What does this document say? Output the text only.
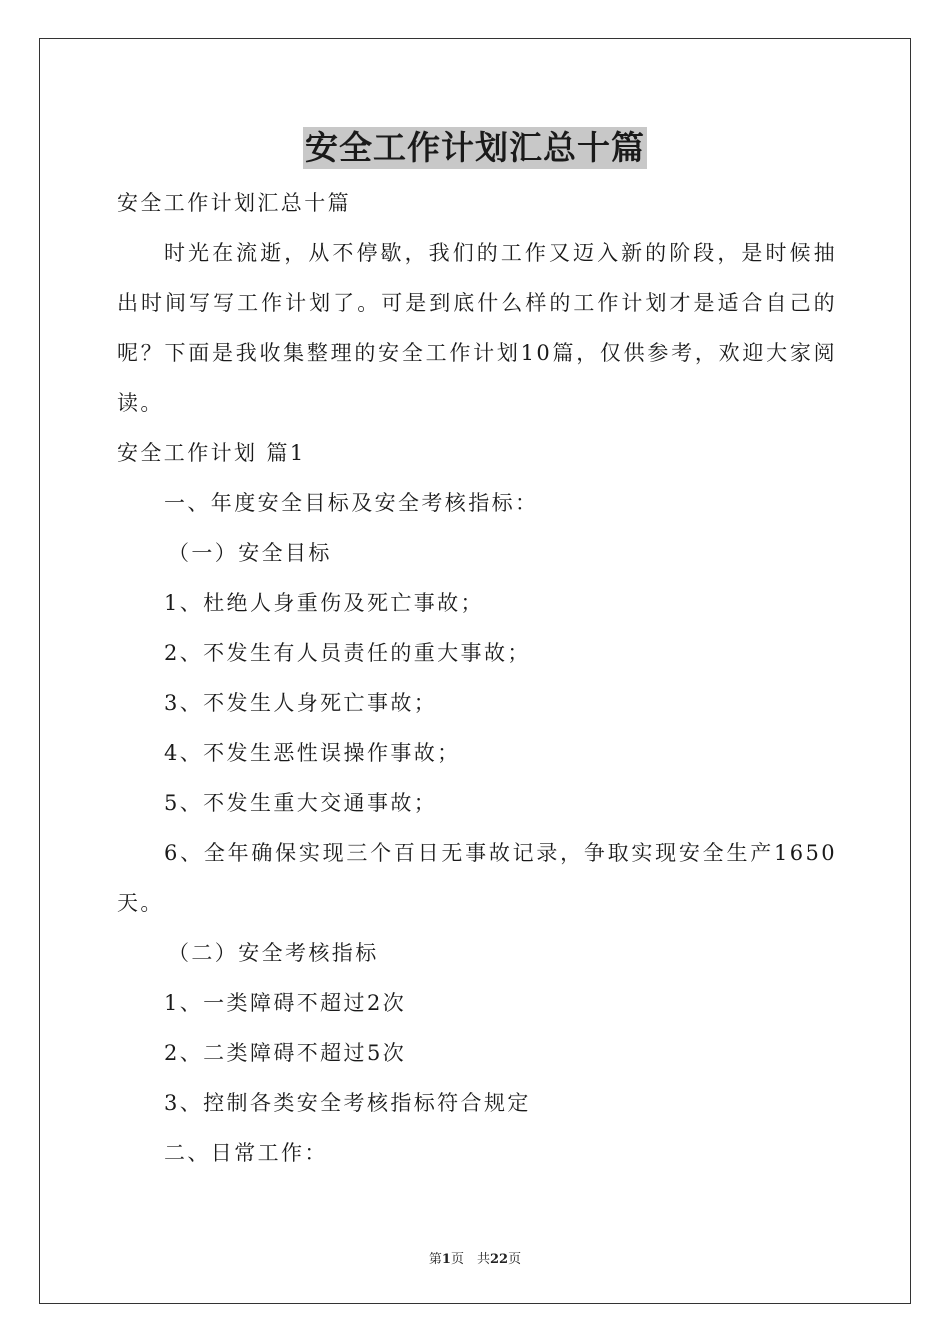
安全工作计划汇总十篇
安全工作计划汇总十篇
时光在流逝，从不停歇，我们的工作又迈入新的阶段，是时候抽出时间写写工作计划了。可是到底什么样的工作计划才是适合自己的呢？下面是我收集整理的安全工作计划10篇，仅供参考，欢迎大家阅读。
安全工作计划 篇1
一、年度安全目标及安全考核指标：
（一）安全目标
1、杜绝人身重伤及死亡事故；
2、不发生有人员责任的重大事故；
3、不发生人身死亡事故；
4、不发生恶性误操作事故；
5、不发生重大交通事故；
6、全年确保实现三个百日无事故记录，争取实现安全生产1650天。
（二）安全考核指标
1、一类障碍不超过2次
2、二类障碍不超过5次
3、控制各类安全考核指标符合规定
二、日常工作：
第1页　共22页
